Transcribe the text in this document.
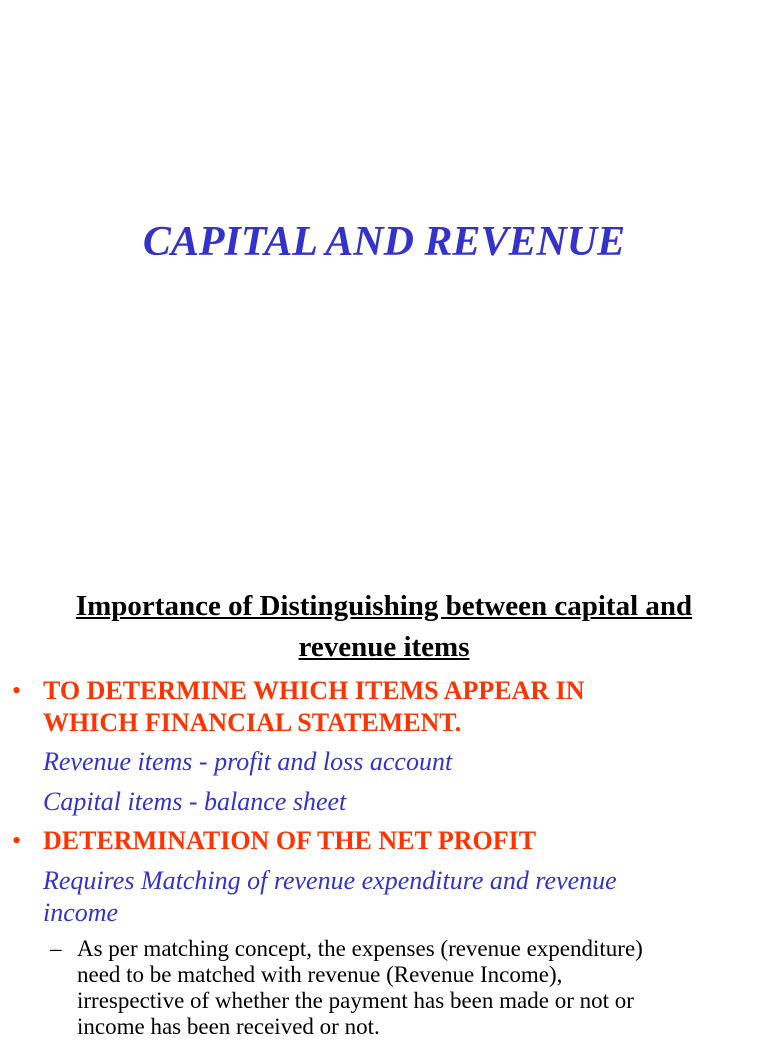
CAPITAL AND REVENUE
Importance of Distinguishing between capital and
revenue items
• TO DETERMINE WHICH ITEMS APPEAR IN
WHICH FINANCIAL STATEMENT.
Revenue items - profit and loss account
Capital items - balance sheet
• DETERMINATION OF THE NET PROFIT
Requires Matching of revenue expenditure and revenue
income
– As per matching concept, the expenses (revenue expenditure)
need to be matched with revenue (Revenue Income),
irrespective of whether the payment has been made or not or
income has been received or not.
